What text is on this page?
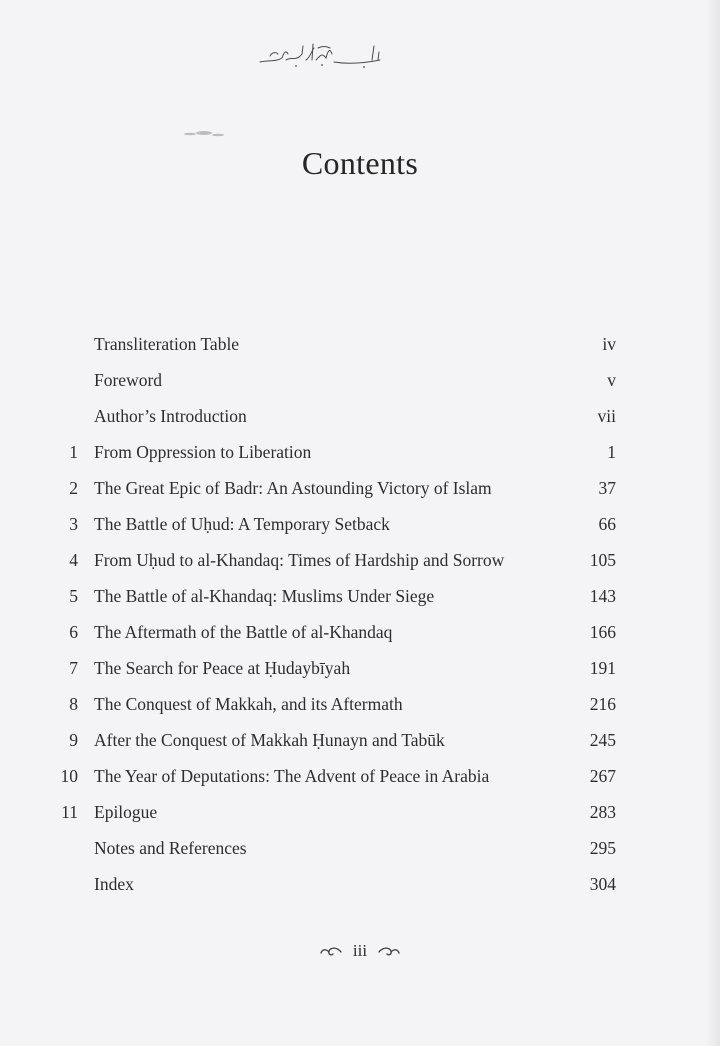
Contents
Transliteration Table	iv
Foreword	v
Author’s Introduction	vii
1 From Oppression to Liberation	1
2 The Great Epic of Badr: An Astounding Victory of Islam	37
3 The Battle of Uḥud: A Temporary Setback	66
4 From Uḥud to al-Khandaq: Times of Hardship and Sorrow	105
5 The Battle of al-Khandaq: Muslims Under Siege	143
6 The Aftermath of the Battle of al-Khandaq	166
7 The Search for Peace at Ḥudaybīyah	191
8 The Conquest of Makkah, and its Aftermath	216
9 After the Conquest of Makkah Ḥunayn and Tabūk	245
10 The Year of Deputations: The Advent of Peace in Arabia	267
11 Epilogue	283
Notes and References	295
Index	304
iii
